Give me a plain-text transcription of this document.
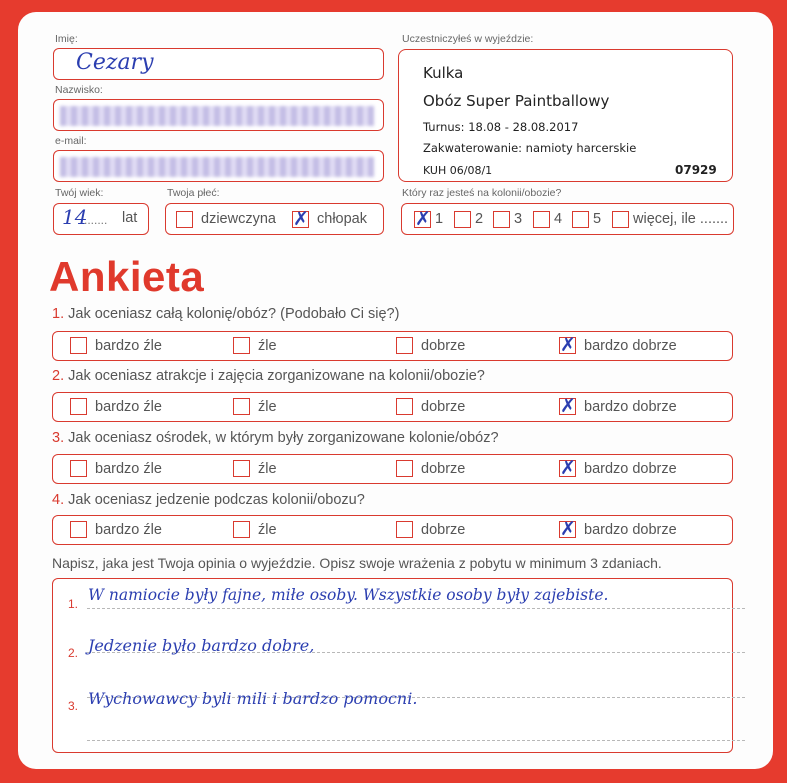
Imię:
Cezary
Nazwisko:
e-mail:
Twój wiek:
14
....... lat
Twoja płeć:
dziewczyna ✗ chłopak
Uczestniczyłeś w wyjeździe:
Kulka
Obóz Super Paintballowy
Turnus: 18.08 - 28.08.2017
Zakwaterowanie: namioty harcerskie
KUH 06/08/1	07929
Który raz jesteś na kolonii/obozie?
✗ 1 2 3 4 5 więcej, ile .......
Ankieta
1. Jak oceniasz całą kolonię/obóz? (Podobało Ci się?)
bardzo źle	źle	dobrze	✗ bardzo dobrze
2. Jak oceniasz atrakcje i zajęcia zorganizowane na kolonii/obozie?
bardzo źle	źle	dobrze	✗ bardzo dobrze
3. Jak oceniasz ośrodek, w którym były zorganizowane kolonie/obóz?
bardzo źle	źle	dobrze	✗ bardzo dobrze
4. Jak oceniasz jedzenie podczas kolonii/obozu?
bardzo źle	źle	dobrze	✗ bardzo dobrze
Napisz, jaka jest Twoja opinia o wyjeździe. Opisz swoje wrażenia z pobytu w minimum 3 zdaniach.
1. W namiocie były fajne, miłe osoby. Wszystkie osoby były zajebiste.
2. Jedzenie było bardzo dobre,
3. Wychowawcy byli mili i bardzo pomocni.
